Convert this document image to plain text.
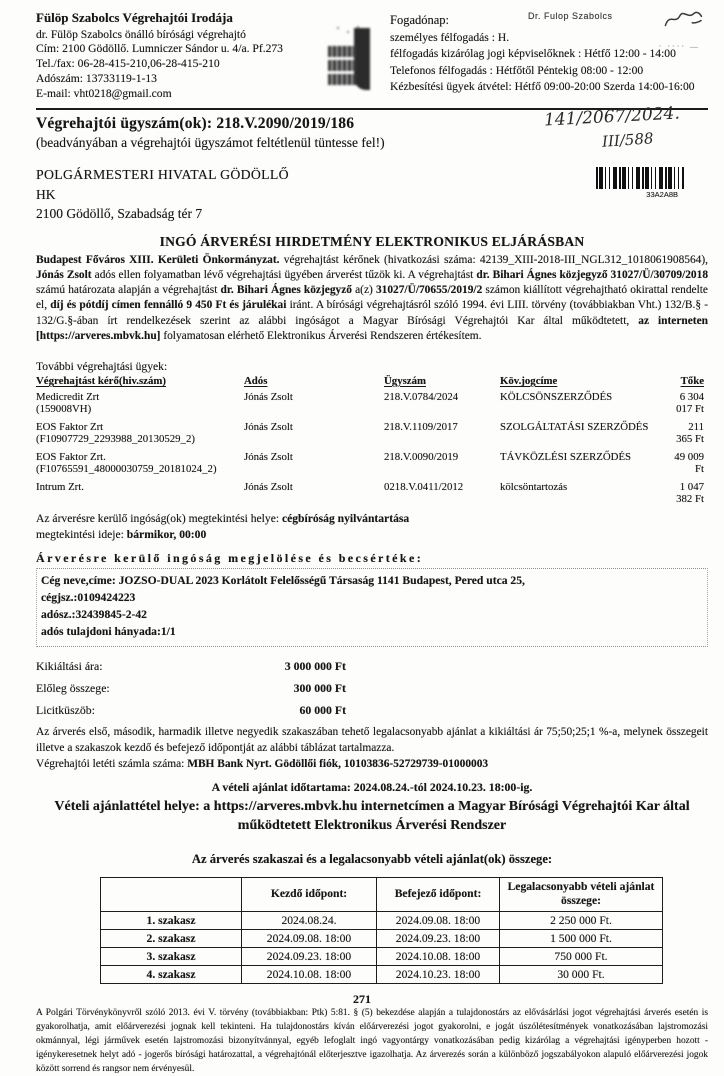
Fülöp Szabolcs Végrehajtói Irodája
dr. Fülöp Szabolcs önálló bírósági végrehajtó
Cím: 2100 Gödöllő. Lumniczer Sándor u. 4/a. Pf.273
Tel./fax: 06-28-415-210,06-28-415-210
Adószám: 13733119-1-13
E-mail: vht0218@gmail.com
Dr. Fulop Szabolcs
Fogadónap:
személyes félfogadás : H.
félfogadás kizárólag jogi képviselőknek : Hétfő 12:00 - 14:00
Telefonos félfogadás : Hétfőtől Péntekig 08:00 - 12:00
Kézbesítési ügyek átvétel: Hétfő 09:00-20:00 Szerda 14:00-16:00
· ···· —
Végrehajtói ügyszám(ok): 218.V.2090/2019/186
(beadványában a végrehajtói ügyszámot feltétlenül tüntesse fel!)
141/2067/2024.
III/588
POLGÁRMESTERI HIVATAL GÖDÖLLŐ
HK
2100 Gödöllő, Szabadság tér 7
33A2A8B
INGÓ ÁRVERÉSI HIRDETMÉNY ELEKTRONIKUS ELJÁRÁSBAN
Budapest Főváros XIII. Kerületi Önkormányzat. végrehajtást kérőnek (hivatkozási száma: 42139_XIII-2018-III_NGL312_1018061908564), Jónás Zsolt adós ellen folyamatban lévő végrehajtási ügyében árverést tűzök ki. A végrehajtást dr. Bihari Ágnes közjegyző 31027/Ü/30709/2018 számú határozata alapján a végrehajtást dr. Bihari Ágnes közjegyző a(z) 31027/Ü/70655/2019/2 számon kiállított végrehajtható okirattal rendelte el, díj és pótdíj címen fennálló 9 450 Ft és járulékai iránt. A bírósági végrehajtásról szóló 1994. évi LIII. törvény (továbbiakban Vht.) 132/B.§ - 132/G.§-ában írt rendelkezések szerint az alábbi ingóságot a Magyar Bírósági Végrehajtói Kar által működtetett, az interneten [https://arveres.mbvk.hu] folyamatosan elérhető Elektronikus Árverési Rendszeren értékesítem.
További végrehajtási ügyek:
Végrehajtást kérő(hiv.szám)	Adós	Ügyszám	Köv.jogcíme	Tőke
Medicredit Zrt
(159008VH)
Jónás Zsolt	218.V.0784/2024	KÖLCSÖNSZERZŐDÉS	6 304 017 Ft
EOS Faktor Zrt
(F10907729_2293988_20130529_2)
Jónás Zsolt	218.V.1109/2017	SZOLGÁLTATÁSI SZERZŐDÉS	211 365 Ft
EOS Faktor Zrt.
(F10765591_48000030759_20181024_2)
Jónás Zsolt	218.V.0090/2019	TÁVKÖZLÉSI SZERZŐDÉS	49 009 Ft
Intrum Zrt.	Jónás Zsolt	0218.V.0411/2012	kölcsöntartozás	1 047 382 Ft
Az árverésre kerülő ingóság(ok) megtekintési helye: cégbíróság nyilvántartása
megtekintési ideje: bármikor, 00:00
Árverésre kerülő ingóság megjelölése és becsértéke:
Cég neve,címe: JOZSO-DUAL 2023 Korlátolt Felelősségű Társaság 1141 Budapest, Pered utca 25,
cégjsz.:0109424223
adósz.:32439845-2-42
adós tulajdoni hányada:1/1
Kikiáltási ára:	3 000 000 Ft
Előleg összege:	300 000 Ft
Licitküszöb:	60 000 Ft
Az árverés első, második, harmadik illetve negyedik szakaszában tehető legalacsonyabb ajánlat a kikiáltási ár 75;50;25;1 %-a, melynek összegeit illetve a szakaszok kezdő és befejező időpontját az alábbi táblázat tartalmazza.
Végrehajtói letéti számla száma: MBH Bank Nyrt. Gödöllői fiók, 10103836-52729739-01000003
A vételi ajánlat időtartama: 2024.08.24.-tól 2024.10.23. 18:00-ig.
Vételi ajánlattétel helye: a https://arveres.mbvk.hu internetcímen a Magyar Bírósági Végrehajtói Kar által működtetett Elektronikus Árverési Rendszer
Az árverés szakaszai és a legalacsonyabb vételi ajánlat(ok) összege:
	Kezdő időpont:	Befejező időpont:	Legalacsonyabb vételi ajánlat összege:
1. szakasz	2024.08.24.	2024.09.08. 18:00	2 250 000 Ft.
2. szakasz	2024.09.08. 18:00	2024.09.23. 18:00	1 500 000 Ft.
3. szakasz	2024.09.23. 18:00	2024.10.08. 18:00	750 000 Ft.
4. szakasz	2024.10.08. 18:00	2024.10.23. 18:00	30 000 Ft.
A Polgári Törvénykönyvről szóló 2013. évi V. törvény (továbbiakban: Ptk) 5:81. § (5) bekezdése alapján a tulajdonostárs az elővásárlási jogot végrehajtási árverés esetén is gyakorolhatja, amit előárverezési jognak kell tekinteni. Ha tulajdonostárs kíván előárverezési jogot gyakorolni, e jogát úszólétesítmények vonatkozásában lajstromozási okmánnyal, légi járművek esetén lajstromozási bizonyítvánnyal, egyéb lefoglalt ingó vagyontárgy vonatkozásában pedig kizárólag a végrehajtási igényperben hozott - igénykeresetnek helyt adó - jogerős bírósági határozattal, a végrehajtónál előterjesztve igazolhatja. Az árverezés során a különböző jogszabályokon alapuló előárverezési jogok között sorrend és rangsor nem érvényesül.
271
